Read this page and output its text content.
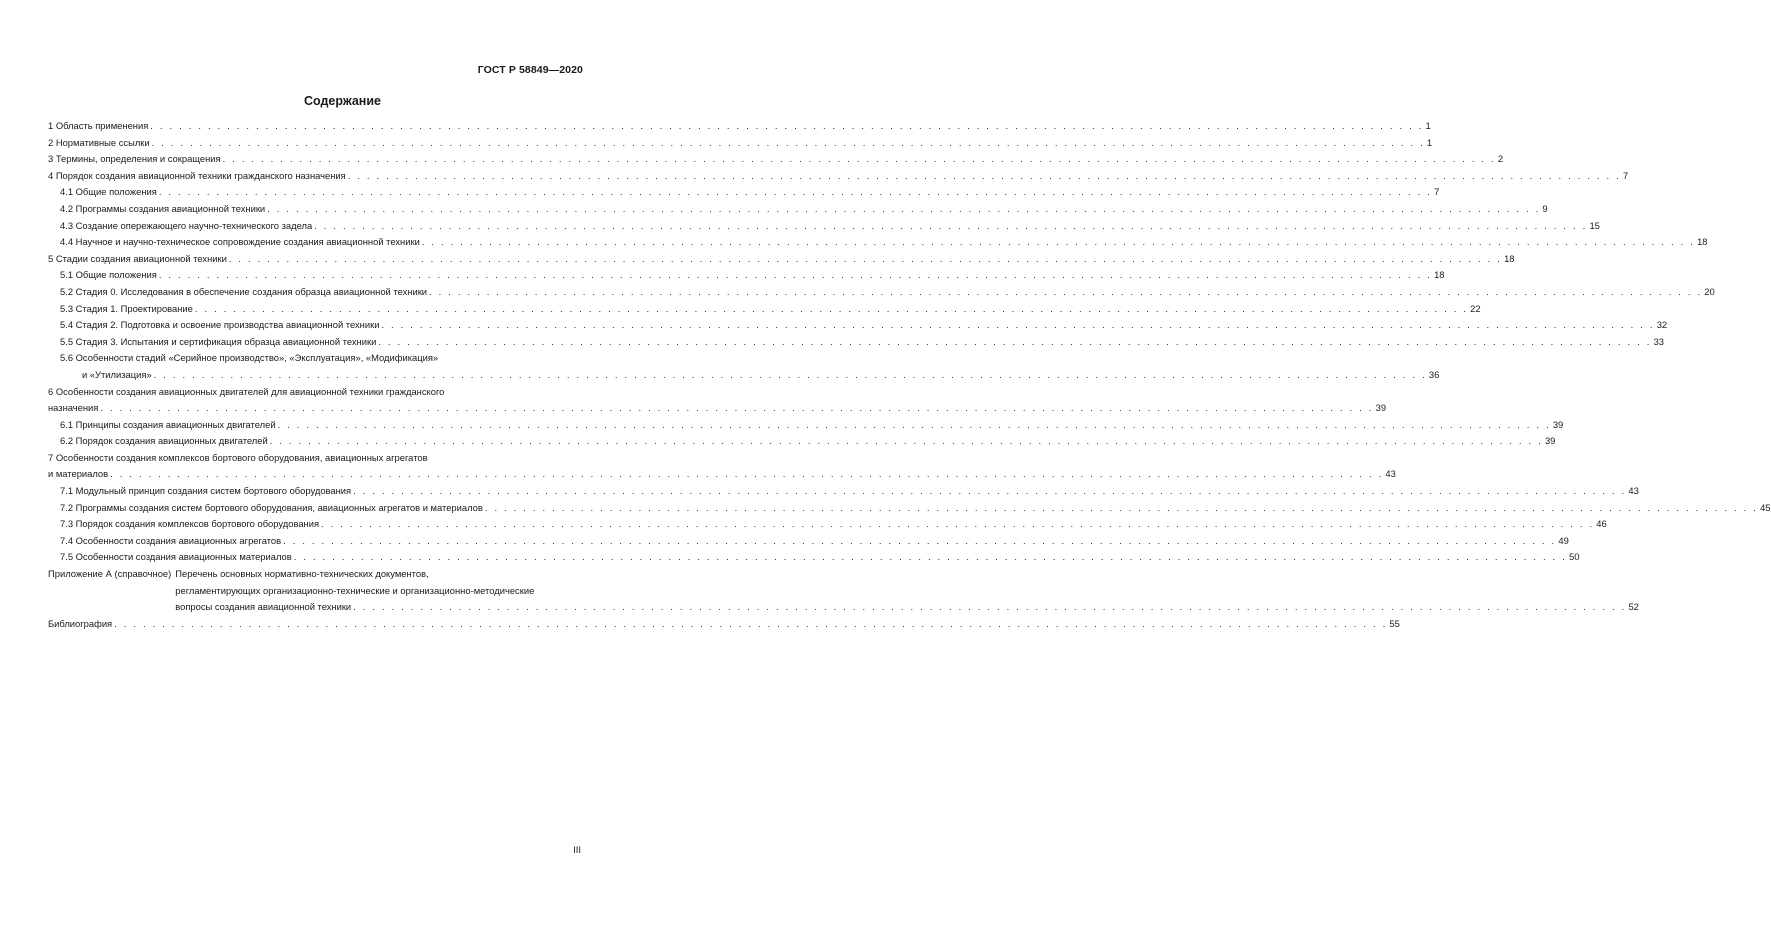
ГОСТ Р 58849—2020
Содержание
1 Область применения . . .	1
2 Нормативные ссылки . . .	1
3 Термины, определения и сокращения . . .	2
4 Порядок создания авиационной техники гражданского назначения . . .	7
4.1 Общие положения . . .	7
4.2 Программы создания авиационной техники . . .	9
4.3 Создание опережающего научно-технического задела . . .	15
4.4 Научное и научно-техническое сопровождение создания авиационной техники . . .	18
5 Стадии создания авиационной техники . . .	18
5.1 Общие положения . . .	18
5.2 Стадия 0. Исследования в обеспечение создания образца авиационной техники . . .	20
5.3 Стадия 1. Проектирование . . .	22
5.4 Стадия 2. Подготовка и освоение производства авиационной техники . . .	32
5.5 Стадия 3. Испытания и сертификация образца авиационной техники . . .	33
5.6 Особенности стадий «Серийное производство», «Эксплуатация», «Модификация»
и «Утилизация» . . .	36
6 Особенности создания авиационных двигателей для авиационной техники гражданского
назначения . . .	39
6.1 Принципы создания авиационных двигателей . . .	39
6.2 Порядок создания авиационных двигателей . . .	39
7 Особенности создания комплексов бортового оборудования, авиационных агрегатов
и материалов . . .	43
7.1 Модульный принцип создания систем бортового оборудования . . .	43
7.2 Программы создания систем бортового оборудования, авиационных агрегатов и материалов . . .	45
7.3 Порядок создания комплексов бортового оборудования . . .	46
7.4 Особенности создания авиационных агрегатов . . .	49
7.5 Особенности создания авиационных материалов . . .	50
Приложение А (справочное) Перечень основных нормативно-технических документов,
регламентирующих организационно-технические и организационно-методические
вопросы создания авиационной техники . . .	52
Библиография . . .	55
III
